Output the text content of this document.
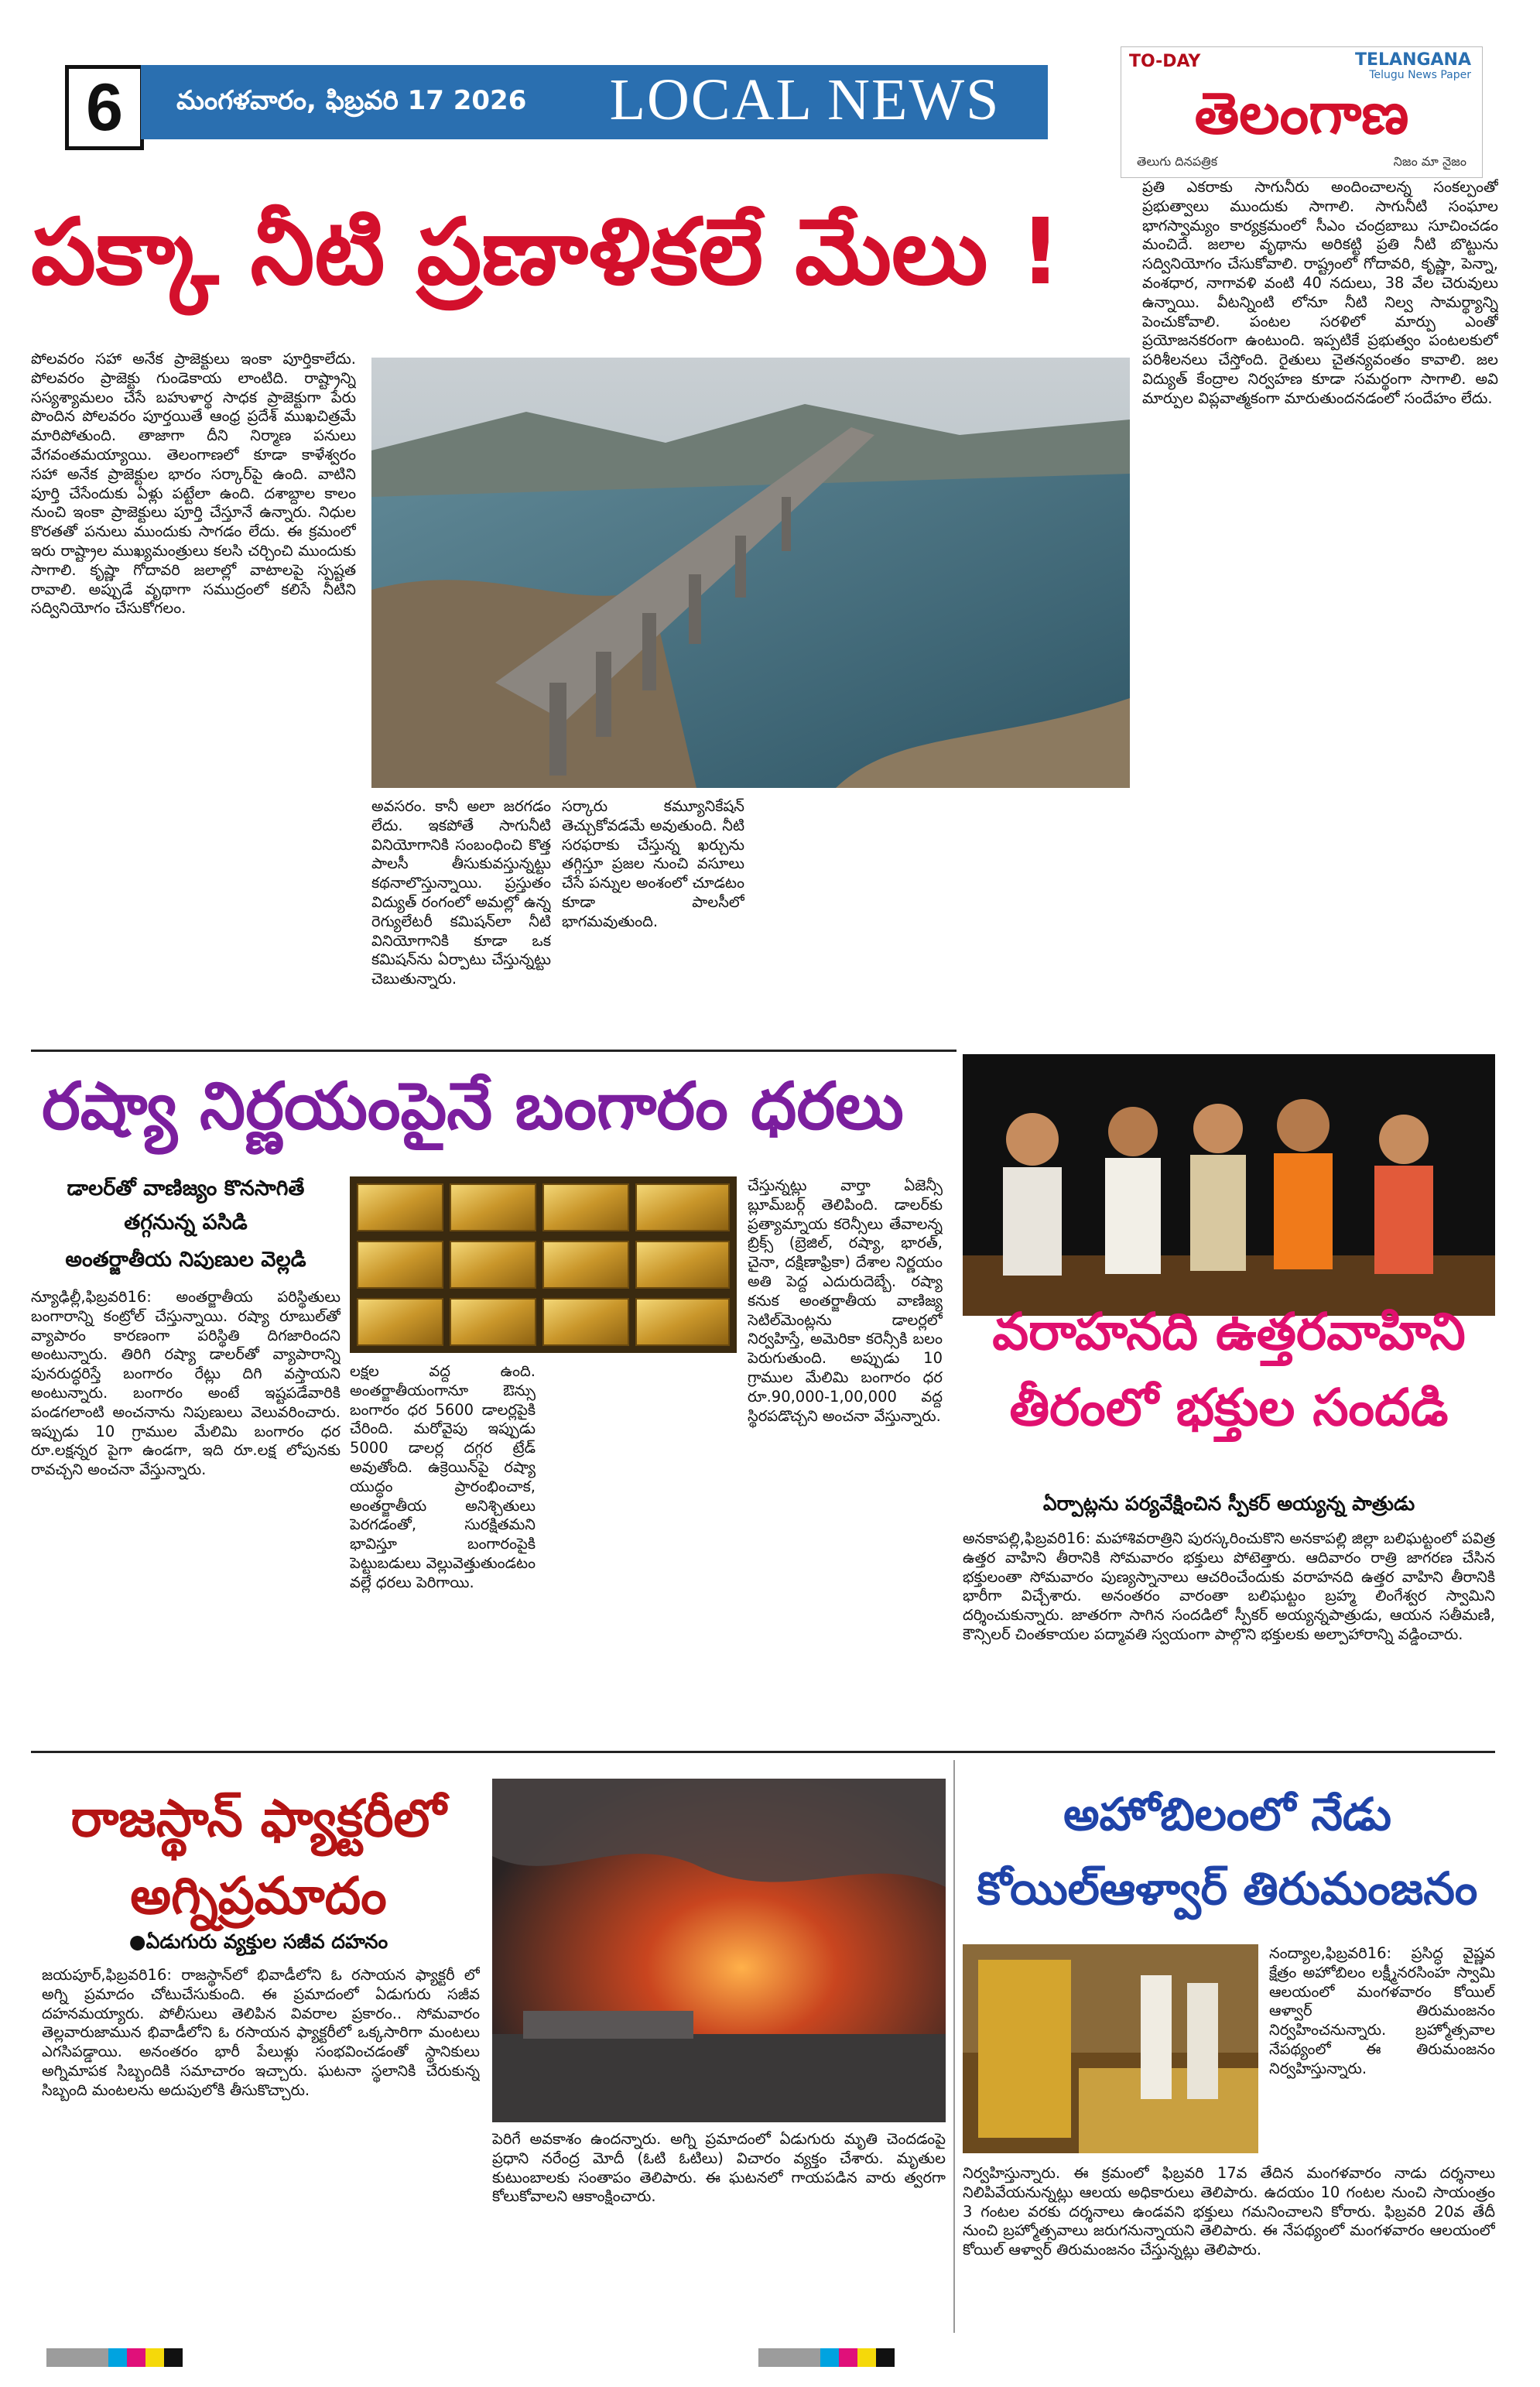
6	మంగళవారం, ఫిబ్రవరి 17 2026	LOCAL NEWS
TO-DAY	TELANGANA
Telugu News Paper
తెలంగాణ
తెలుగు దినపత్రిక	నిజం మా నైజం
పక్కా నీటి ప్రణాళికలే మేలు !
పోలవరం సహా అనేక ప్రాజెక్టులు ఇంకా పూర్తికాలేదు. పోలవరం ప్రాజెక్టు గుండెకాయ లాంటిది. రాష్ట్రాన్ని సస్యశ్యామలం చేసే బహుళార్థ సాధక ప్రాజెక్టుగా పేరు పొందిన పోలవరం పూర్తయితే ఆంధ్ర ప్రదేశ్ ముఖచిత్రమే మారిపోతుంది. తాజాగా దీని నిర్మాణ పనులు వేగవంతమయ్యాయి. తెలంగాణలో కూడా కాళేశ్వరం సహా అనేక ప్రాజెక్టుల భారం సర్కార్‌పై ఉంది. వాటిని పూర్తి చేసేందుకు ఏళ్లు పట్టేలా ఉంది. దశాబ్దాల కాలం నుంచి ఇంకా ప్రాజెక్టులు పూర్తి చేస్తూనే ఉన్నారు. నిధుల కొరతతో పనులు ముందుకు సాగడం లేదు. ఈ క్రమంలో ఇరు రాష్ట్రాల ముఖ్యమంత్రులు కలసి చర్చించి ముందుకు సాగాలి. కృష్ణా గోదావరి జలాల్లో వాటాలపై స్పష్టత రావాలి. అప్పుడే వృథాగా సముద్రంలో కలిసే నీటిని సద్వినియోగం చేసుకోగలం.
అవసరం. కానీ అలా జరగడం లేదు. ఇకపోతే సాగునీటి వినియోగానికి సంబంధించి కొత్త పాలసీ తీసుకువస్తున్నట్టు కథనాలొస్తున్నాయి. ప్రస్తుతం విద్యుత్ రంగంలో అమల్లో ఉన్న రెగ్యులేటరీ కమిషన్‌లా నీటి వినియోగానికి కూడా ఒక కమిషన్‌ను ఏర్పాటు చేస్తున్నట్టు చెబుతున్నారు.
సర్కారు కమ్యూనికేషన్ తెచ్చుకోవడమే అవుతుంది. నీటి సరఫరాకు చేస్తున్న ఖర్చును తగ్గిస్తూ ప్రజల నుంచి వసూలు చేసే పన్నుల అంశంలో చూడటం కూడా పాలసీలో భాగమవుతుంది.
ప్రతి ఎకరాకు సాగునీరు అందించాలన్న సంకల్పంతో ప్రభుత్వాలు ముందుకు సాగాలి. సాగునీటి సంఘాల భాగస్వామ్యం కార్యక్రమంలో సీఎం చంద్రబాబు సూచించడం మంచిదే. జలాల వృథాను అరికట్టి ప్రతి నీటి బొట్టును సద్వినియోగం చేసుకోవాలి. రాష్ట్రంలో గోదావరి, కృష్ణా, పెన్నా, వంశధార, నాగావళి వంటి 40 నదులు, 38 వేల చెరువులు ఉన్నాయి. వీటన్నింటి లోనూ నీటి నిల్వ సామర్థ్యాన్ని పెంచుకోవాలి. పంటల సరళిలో మార్పు ఎంతో ప్రయోజనకరంగా ఉంటుంది. ఇప్పటికే ప్రభుత్వం పంటలకులో పరిశీలనలు చేస్తోంది. రైతులు చైతన్యవంతం కావాలి. జల విద్యుత్ కేంద్రాల నిర్వహణ కూడా సమర్థంగా సాగాలి. అవి మార్పుల విప్లవాత్మకంగా మారుతుందనడంలో సందేహం లేదు.
రష్యా నిర్ణయంపైనే బంగారం ధరలు
డాలర్‌తో వాణిజ్యం కొనసాగితే
తగ్గనున్న పసిడి
అంతర్జాతీయ నిపుణుల వెల్లడి
న్యూఢిల్లీ,ఫిబ్రవరి16: అంతర్జాతీయ పరిస్థితులు బంగారాన్ని కంట్రోల్ చేస్తున్నాయి. రష్యా రూబుల్‌తో వ్యాపారం కారణంగా పరిస్థితి దిగజారిందని అంటున్నారు. తిరిగి రష్యా డాలర్‌తో వ్యాపారాన్ని పునరుద్ధరిస్తే బంగారం రేట్లు దిగి వస్తాయని అంటున్నారు. బంగారం అంటే ఇష్టపడేవారికి పండగలాంటి అంచనాను నిపుణులు వెలువరించారు. ఇప్పుడు 10 గ్రాముల మేలిమి బంగారం ధర రూ.లక్షన్నర పైగా ఉండగా, ఇది రూ.లక్ష లోపునకు రావచ్చని అంచనా వేస్తున్నారు.
లక్షల వద్ద ఉంది. అంతర్జాతీయంగానూ ఔన్సు బంగారం ధర 5600 డాలర్లపైకి చేరింది. మరోవైపు ఇప్పుడు 5000 డాలర్ల దగ్గర ట్రేడ్ అవుతోంది. ఉక్రెయిన్‌పై రష్యా యుద్ధం ప్రారంభించాక, అంతర్జాతీయ అనిశ్చితులు పెరగడంతో, సురక్షితమని భావిస్తూ బంగారంపైకి పెట్టుబడులు వెల్లువెత్తుతుండటం వల్లే ధరలు పెరిగాయి.
చేస్తున్నట్లు వార్తా ఏజెన్సీ బ్లూమ్‌బర్గ్ తెలిపింది. డాలర్‌కు ప్రత్యామ్నాయ కరెన్సీలు తేవాలన్న బ్రిక్స్ (బ్రెజిల్, రష్యా, భారత్, చైనా, దక్షిణాఫ్రికా) దేశాల నిర్ణయం అతి పెద్ద ఎదురుదెబ్బే. రష్యా కనుక అంతర్జాతీయ వాణిజ్య సెటిల్‌మెంట్లను డాలర్లలో నిర్వహిస్తే, అమెరికా కరెన్సీకి బలం పెరుగుతుంది. అప్పుడు 10 గ్రాముల మేలిమి బంగారం ధర రూ.90,000-1,00,000 వద్ద స్థిరపడొచ్చని అంచనా వేస్తున్నారు.
వరాహనది ఉత్తరవాహిని తీరంలో భక్తుల సందడి
ఏర్పాట్లను పర్యవేక్షించిన స్పీకర్ అయ్యన్న పాత్రుడు
అనకాపల్లి,ఫిబ్రవరి16: మహాశివరాత్రిని పురస్కరించుకొని అనకాపల్లి జిల్లా బలిఘట్టంలో పవిత్ర ఉత్తర వాహిని తీరానికి సోమవారం భక్తులు పోటెత్తారు. ఆదివారం రాత్రి జాగరణ చేసిన భక్తులంతా సోమవారం పుణ్యస్నానాలు ఆచరించేందుకు వరాహనది ఉత్తర వాహిని తీరానికి భారీగా విచ్చేశారు. అనంతరం వారంతా బలిఘట్టం బ్రహ్మ లింగేశ్వర స్వామిని దర్శించుకున్నారు. జాతరగా సాగిన సందడిలో స్పీకర్ అయ్యన్నపాత్రుడు, ఆయన సతీమణి, కౌన్సిలర్ చింతకాయల పద్మావతి స్వయంగా పాల్గొని భక్తులకు అల్పాహారాన్ని వడ్డించారు.
రాజస్థాన్ ఫ్యాక్టరీలో అగ్నిప్రమాదం
●ఏడుగురు వ్యక్తుల సజీవ దహనం
జయపూర్,ఫిబ్రవరి16: రాజస్థాన్‌లో భివాడీలోని ఓ రసాయన ఫ్యాక్టరీ లో అగ్ని ప్రమాదం చోటుచేసుకుంది. ఈ ప్రమాదంలో ఏడుగురు సజీవ దహనమయ్యారు. పోలీసులు తెలిపిన వివరాల ప్రకారం.. సోమవారం తెల్లవారుజామున భివాడీలోని ఓ రసాయన ఫ్యాక్టరీలో ఒక్కసారిగా మంటలు ఎగసిపడ్డాయి. అనంతరం భారీ పేలుళ్లు సంభవించడంతో స్థానికులు అగ్నిమాపక సిబ్బందికి సమాచారం ఇచ్చారు. ఘటనా స్థలానికి చేరుకున్న సిబ్బంది మంటలను అదుపులోకి తీసుకొచ్చారు.
పెరిగే అవకాశం ఉందన్నారు. అగ్ని ప్రమాదంలో ఏడుగురు మృతి చెందడంపై ప్రధాని నరేంద్ర మోదీ (ఓటి ఓటిలు) విచారం వ్యక్తం చేశారు. మృతుల కుటుంబాలకు సంతాపం తెలిపారు. ఈ ఘటనలో గాయపడిన వారు త్వరగా కోలుకోవాలని ఆకాంక్షించారు.
అహోబిలంలో నేడు కోయిల్‌ఆళ్వార్ తిరుమంజనం
నంద్యాల,ఫిబ్రవరి16: ప్రసిద్ధ వైష్ణవ క్షేత్రం అహోబిలం లక్ష్మీనరసింహ స్వామి ఆలయంలో మంగళవారం కోయిల్ ఆళ్వార్ తిరుమంజనం నిర్వహించనున్నారు. బ్రహ్మోత్సవాల నేపథ్యంలో ఈ తిరుమంజనం నిర్వహిస్తున్నారు.
నిర్వహిస్తున్నారు. ఈ క్రమంలో ఫిబ్రవరి 17వ తేదిన మంగళవారం నాడు దర్శనాలు నిలిపివేయనున్నట్లు ఆలయ అధికారులు తెలిపారు. ఉదయం 10 గంటల నుంచి సాయంత్రం 3 గంటల వరకు దర్శనాలు ఉండవని భక్తులు గమనించాలని కోరారు. ఫిబ్రవరి 20వ తేదీ నుంచి బ్రహ్మోత్సవాలు జరుగనున్నాయని తెలిపారు. ఈ నేపథ్యంలో మంగళవారం ఆలయంలో కోయిల్ ఆళ్వార్ తిరుమంజనం చేస్తున్నట్లు తెలిపారు.
